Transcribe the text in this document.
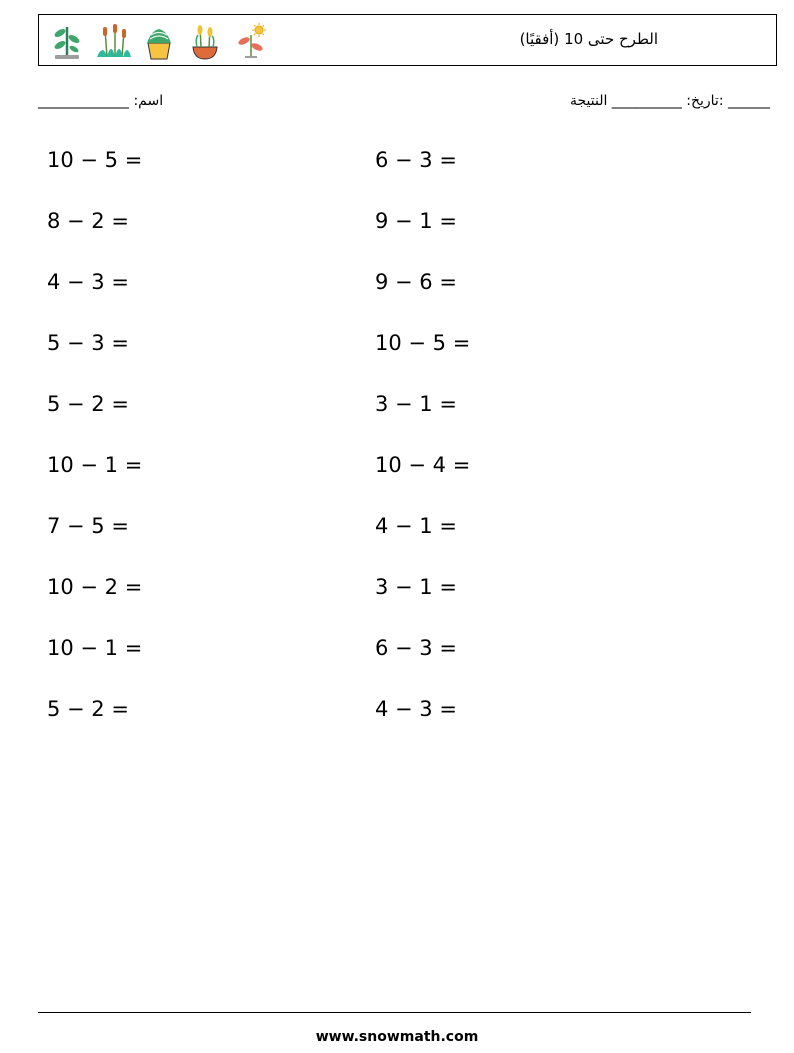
الطرح حتى 10 (أفقيًا)
______ :تاريخ: __________ النتيجة
اسم: _____________
10 − 5 =	6 − 3 =
8 − 2 =	9 − 1 =
4 − 3 =	9 − 6 =
5 − 3 =	10 − 5 =
5 − 2 =	3 − 1 =
10 − 1 =	10 − 4 =
7 − 5 =	4 − 1 =
10 − 2 =	3 − 1 =
10 − 1 =	6 − 3 =
5 − 2 =	4 − 3 =
www.snowmath.com
